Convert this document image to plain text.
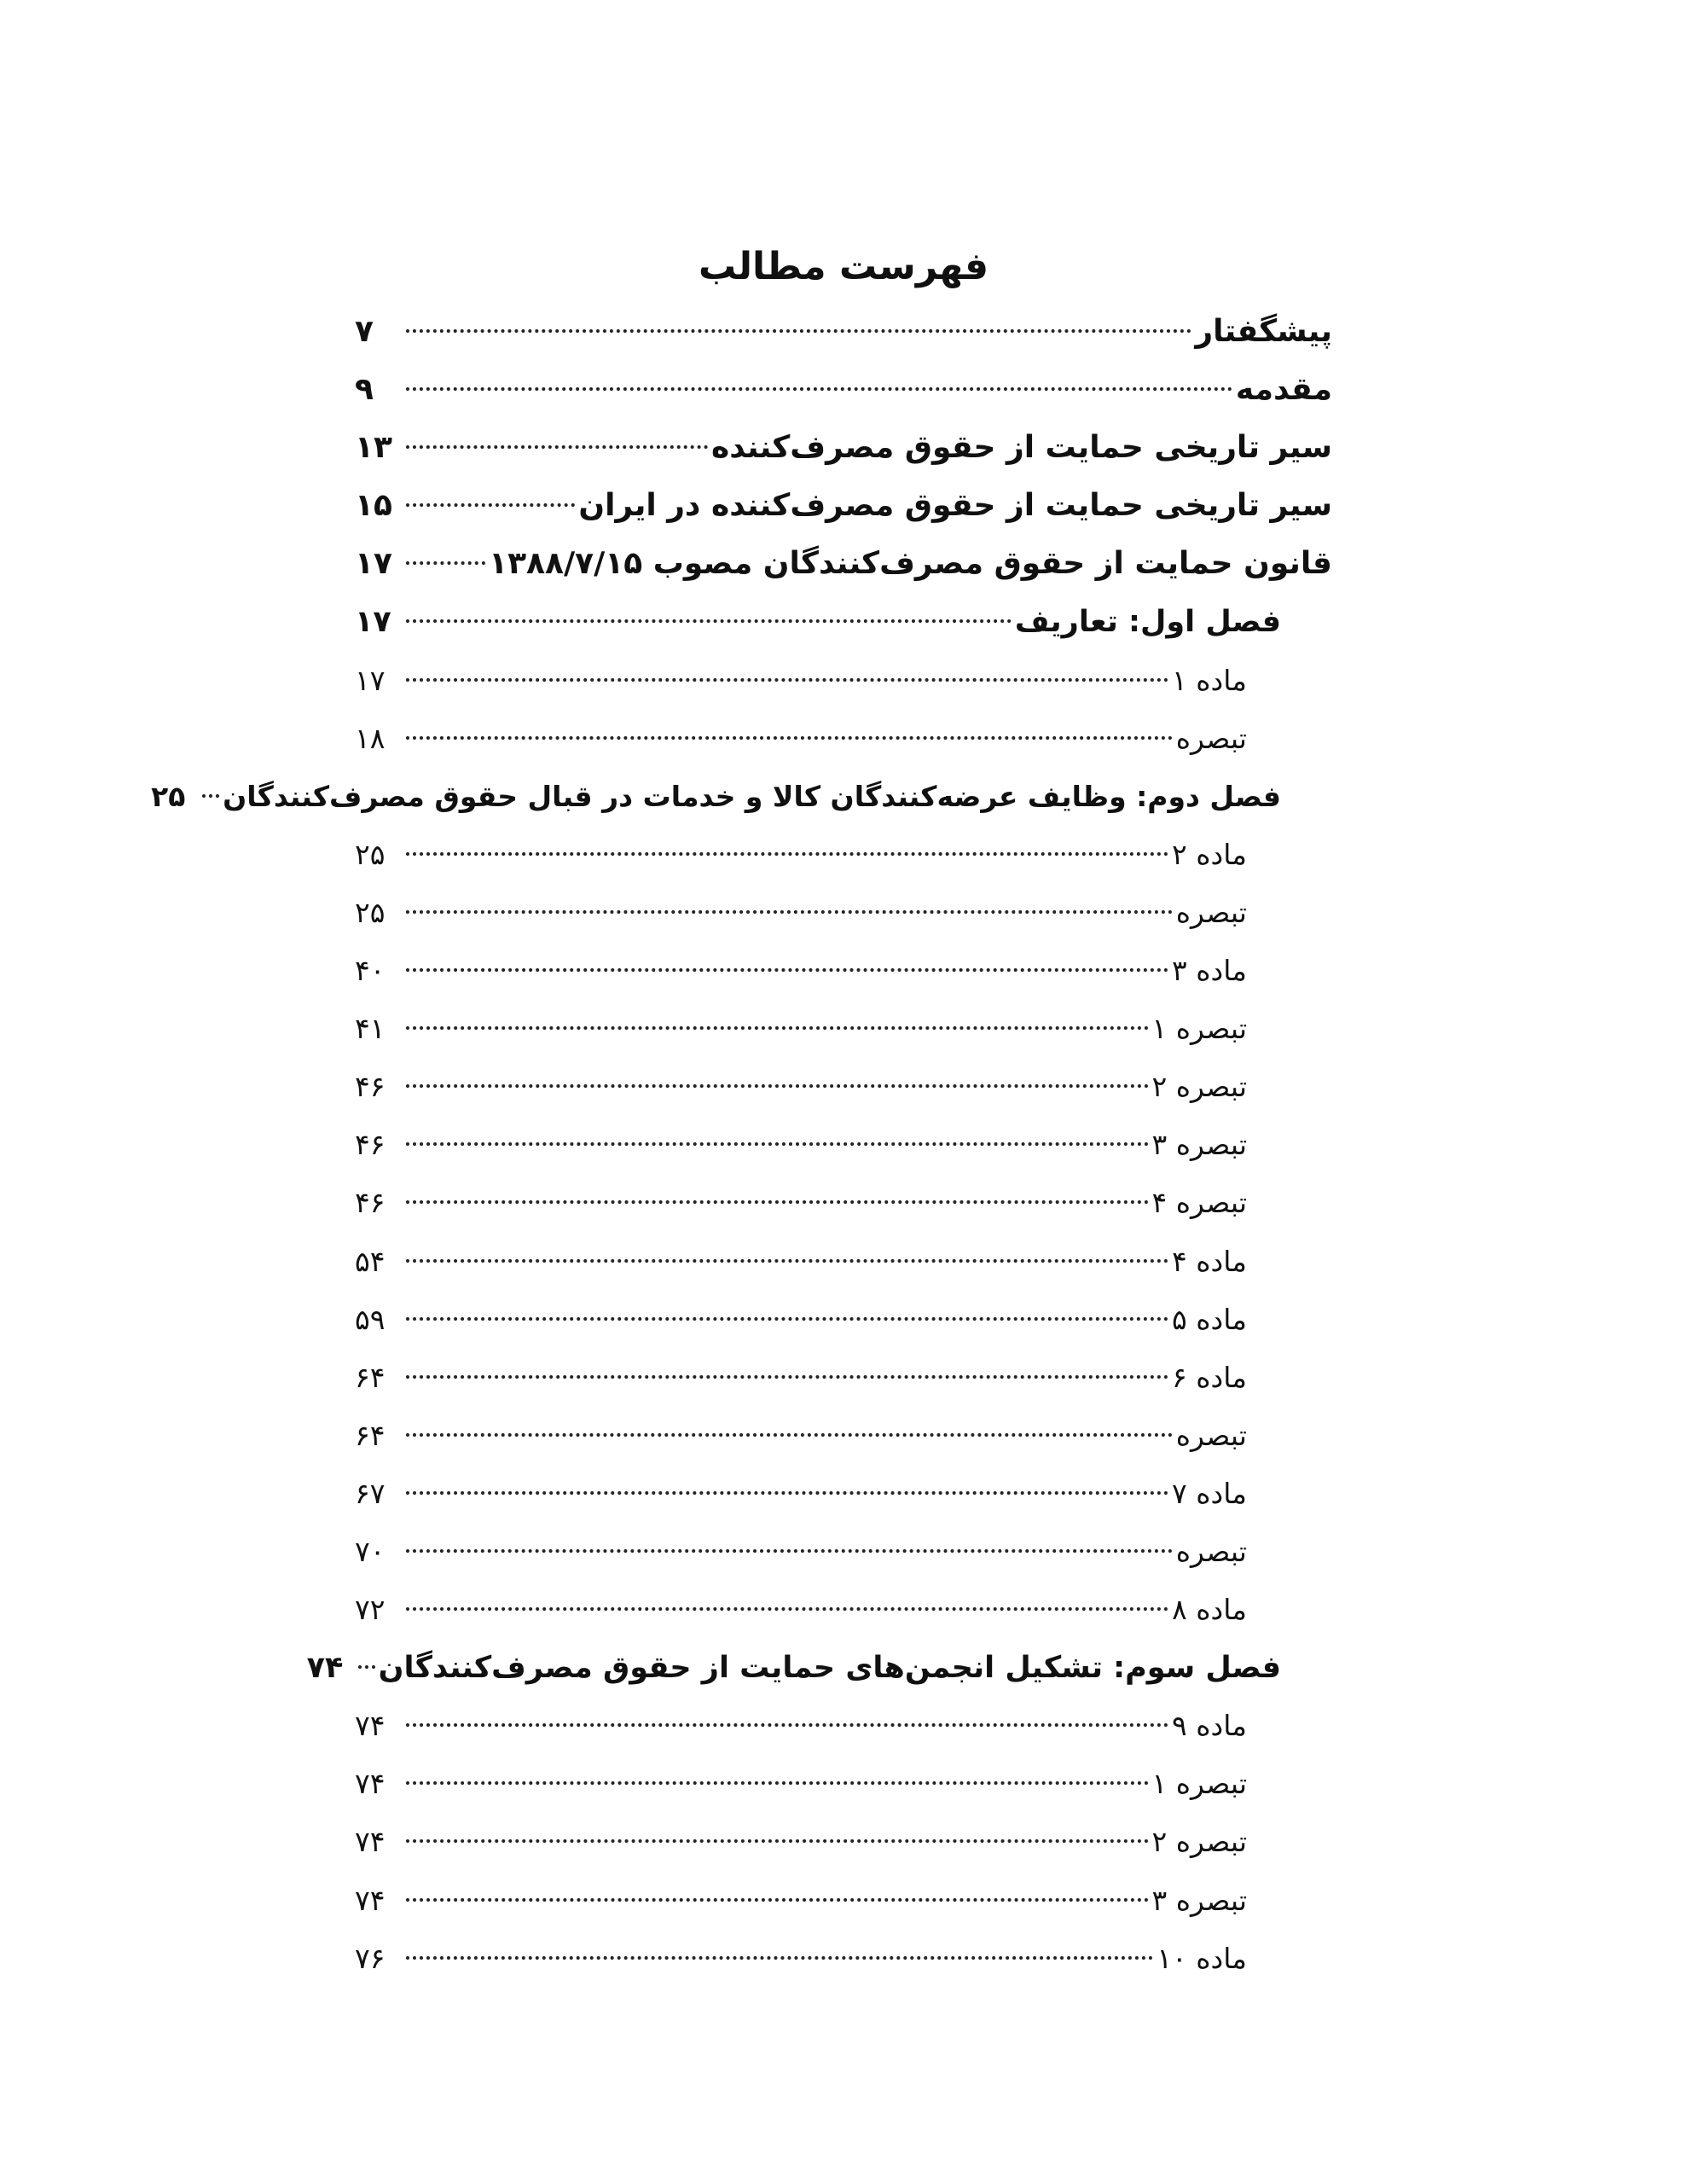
فهرست مطالب
پیشگفتار
۷
مقدمه
۹
سیر تاریخی حمایت از حقوق مصرف‌کننده
۱۳
سیر تاریخی حمایت از حقوق مصرف‌کننده در ایران
۱۵
قانون حمایت از حقوق مصرف‌کنندگان مصوب ۱۳۸۸/۷/۱۵
۱۷
فصل اول: تعاریف
۱۷
ماده ۱
۱۷
تبصره
۱۸
فصل دوم: وظایف عرضه‌کنندگان کالا و خدمات در قبال حقوق مصرف‌کنندگان
۲۵
ماده ۲
۲۵
تبصره
۲۵
ماده ۳
۴۰
تبصره ۱
۴۱
تبصره ۲
۴۶
تبصره ۳
۴۶
تبصره ۴
۴۶
ماده ۴
۵۴
ماده ۵
۵۹
ماده ۶
۶۴
تبصره
۶۴
ماده ۷
۶۷
تبصره
۷۰
ماده ۸
۷۲
فصل سوم: تشکیل انجمن‌های حمایت از حقوق مصرف‌کنندگان
۷۴
ماده ۹
۷۴
تبصره ۱
۷۴
تبصره ۲
۷۴
تبصره ۳
۷۴
ماده ۱۰
۷۶
